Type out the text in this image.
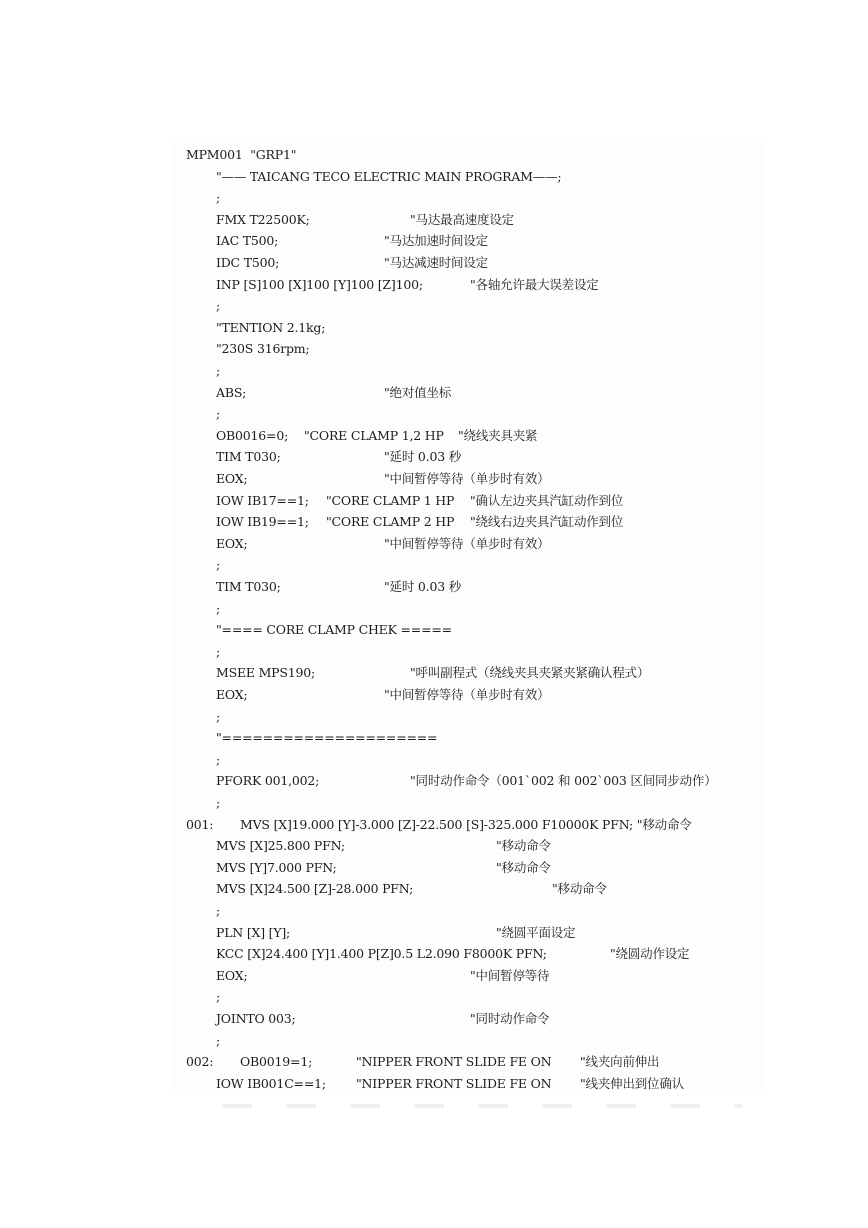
MPM001  "GRP1"
"—— TAICANG TECO ELECTRIC MAIN PROGRAM——;
;
FMX T22500K;	"马达最高速度设定
IAC T500;	"马达加速时间设定
IDC T500;	"马达减速时间设定
INP [S]100 [X]100 [Y]100 [Z]100;	"各轴允许最大误差设定
;
"TENTION 2.1kg;
"230S 316rpm;
;
ABS;	"绝对值坐标
;
OB0016=0; "CORE CLAMP 1,2 HP "绕线夹具夹紧
TIM T030;	"延时 0.03 秒
EOX;	"中间暂停等待（单步时有效）
IOW IB17==1; "CORE CLAMP 1 HP "确认左边夹具汽缸动作到位
IOW IB19==1; "CORE CLAMP 2 HP "绕线右边夹具汽缸动作到位
EOX;	"中间暂停等待（单步时有效）
;
TIM T030;	"延时 0.03 秒
;
"==== CORE CLAMP CHEK =====
;
MSEE MPS190;	"呼叫副程式（绕线夹具夹紧夹紧确认程式）
EOX;	"中间暂停等待（单步时有效）
;
"=====================
;
PFORK 001,002;	"同时动作命令（001`002 和 002`003 区间同步动作）
;
001: MVS [X]19.000 [Y]-3.000 [Z]-22.500 [S]-325.000 F10000K PFN; "移动命令
MVS [X]25.800 PFN;	"移动命令
MVS [Y]7.000 PFN;	"移动命令
MVS [X]24.500 [Z]-28.000 PFN;	"移动命令
;
PLN [X] [Y];	"绕圆平面设定
KCC [X]24.400 [Y]1.400 P[Z]0.5 L2.090 F8000K PFN;	"绕圆动作设定
EOX;	"中间暂停等待
;
JOINTO 003;	"同时动作命令
;
002: OB0019=1;	"NIPPER FRONT SLIDE FE ON "线夹向前伸出
IOW IB001C==1; "NIPPER FRONT SLIDE FE ON "线夹伸出到位确认
